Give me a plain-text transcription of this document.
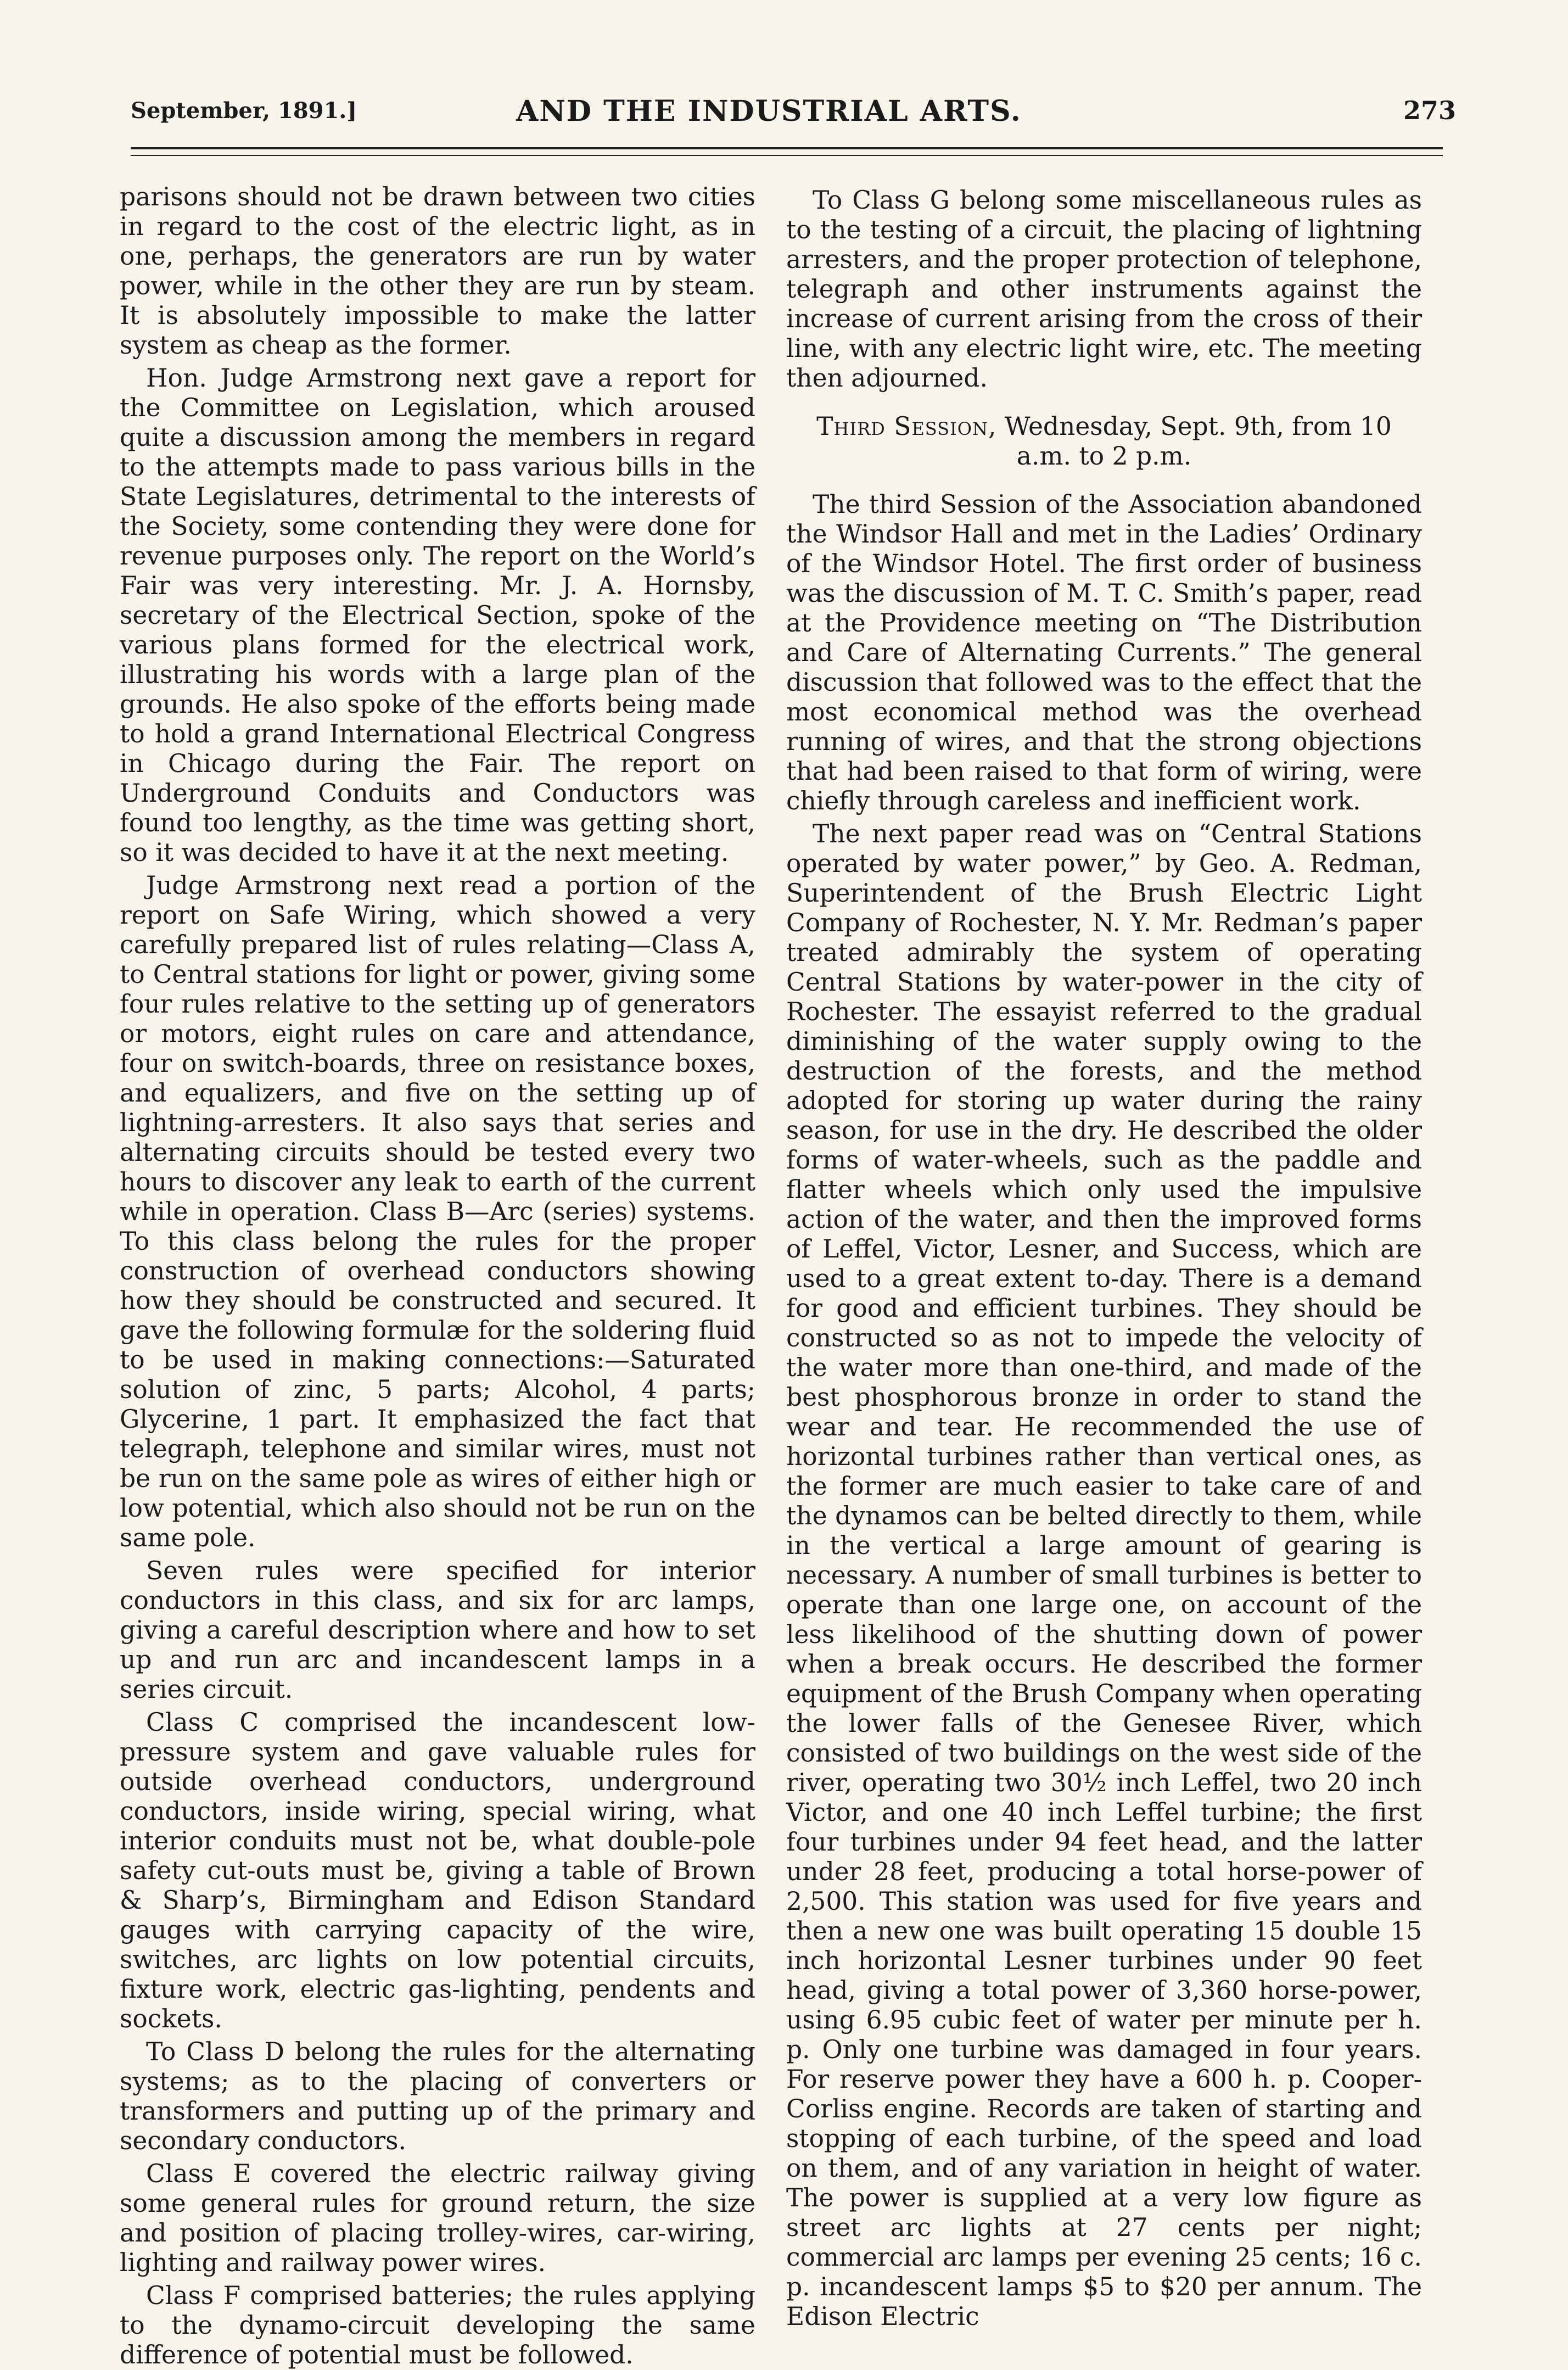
September, 1891.]	AND THE INDUSTRIAL ARTS.	273

parisons should not be drawn between two cities in regard to the cost of the electric light, as in one, perhaps, the generators are run by water power, while in the other they are run by steam. It is absolutely impossible to make the latter system as cheap as the former.

Hon. Judge Armstrong next gave a report for the Committee on Legislation, which aroused quite a discussion among the members in regard to the attempts made to pass various bills in the State Legislatures, detrimental to the interests of the Society, some contending they were done for revenue purposes only. The report on the World’s Fair was very interesting. Mr. J. A. Hornsby, secretary of the Electrical Section, spoke of the various plans formed for the electrical work, illustrating his words with a large plan of the grounds. He also spoke of the efforts being made to hold a grand International Electrical Congress in Chicago during the Fair. The report on Underground Conduits and Conductors was found too lengthy, as the time was getting short, so it was decided to have it at the next meeting.

Judge Armstrong next read a portion of the report on Safe Wiring, which showed a very carefully prepared list of rules relating—Class A, to Central stations for light or power, giving some four rules relative to the setting up of generators or motors, eight rules on care and attendance, four on switch-boards, three on resistance boxes, and equalizers, and five on the setting up of lightning-arresters. It also says that series and alternating circuits should be tested every two hours to discover any leak to earth of the current while in operation. Class B—Arc (series) systems. To this class belong the rules for the proper construction of overhead conductors showing how they should be constructed and secured. It gave the following formulæ for the soldering fluid to be used in making connections:—Saturated solution of zinc, 5 parts; Alcohol, 4 parts; Glycerine, 1 part. It emphasized the fact that telegraph, telephone and similar wires, must not be run on the same pole as wires of either high or low potential, which also should not be run on the same pole.

Seven rules were specified for interior conductors in this class, and six for arc lamps, giving a careful description where and how to set up and run arc and incandescent lamps in a series circuit.

Class C comprised the incandescent low-pressure system and gave valuable rules for outside overhead conductors, underground conductors, inside wiring, special wiring, what interior conduits must not be, what double-pole safety cut-outs must be, giving a table of Brown & Sharp’s, Birmingham and Edison Standard gauges with carrying capacity of the wire, switches, arc lights on low potential circuits, fixture work, electric gas-lighting, pendents and sockets.

To Class D belong the rules for the alternating systems; as to the placing of converters or transformers and putting up of the primary and secondary conductors.

Class E covered the electric railway giving some general rules for ground return, the size and position of placing trolley-wires, car-wiring, lighting and railway power wires.

Class F comprised batteries; the rules applying to the dynamo-circuit developing the same difference of potential must be followed.

To Class G belong some miscellaneous rules as to the testing of a circuit, the placing of lightning arresters, and the proper protection of telephone, telegraph and other instruments against the increase of current arising from the cross of their line, with any electric light wire, etc. The meeting then adjourned.

Third Session, Wednesday, Sept. 9th, from 10 a.m. to 2 p.m.

The third Session of the Association abandoned the Windsor Hall and met in the Ladies’ Ordinary of the Windsor Hotel. The first order of business was the discussion of M. T. C. Smith’s paper, read at the Providence meeting on “The Distribution and Care of Alternating Currents.” The general discussion that followed was to the effect that the most economical method was the overhead running of wires, and that the strong objections that had been raised to that form of wiring, were chiefly through careless and inefficient work.

The next paper read was on “Central Stations operated by water power,” by Geo. A. Redman, Superintendent of the Brush Electric Light Company of Rochester, N. Y. Mr. Redman’s paper treated admirably the system of operating Central Stations by water-power in the city of Rochester. The essayist referred to the gradual diminishing of the water supply owing to the destruction of the forests, and the method adopted for storing up water during the rainy season, for use in the dry. He described the older forms of water-wheels, such as the paddle and flatter wheels which only used the impulsive action of the water, and then the improved forms of Leffel, Victor, Lesner, and Success, which are used to a great extent to-day. There is a demand for good and efficient turbines. They should be constructed so as not to impede the velocity of the water more than one-third, and made of the best phosphorous bronze in order to stand the wear and tear. He recommended the use of horizontal turbines rather than vertical ones, as the former are much easier to take care of and the dynamos can be belted directly to them, while in the vertical a large amount of gearing is necessary. A number of small turbines is better to operate than one large one, on account of the less likelihood of the shutting down of power when a break occurs. He described the former equipment of the Brush Company when operating the lower falls of the Genesee River, which consisted of two buildings on the west side of the river, operating two 30½ inch Leffel, two 20 inch Victor, and one 40 inch Leffel turbine; the first four turbines under 94 feet head, and the latter under 28 feet, producing a total horse-power of 2,500. This station was used for five years and then a new one was built operating 15 double 15 inch horizontal Lesner turbines under 90 feet head, giving a total power of 3,360 horse-power, using 6.95 cubic feet of water per minute per h. p. Only one turbine was damaged in four years. For reserve power they have a 600 h. p. Cooper-Corliss engine. Records are taken of starting and stopping of each turbine, of the speed and load on them, and of any variation in height of water. The power is supplied at a very low figure as street arc lights at 27 cents per night; commercial arc lamps per evening 25 cents; 16 c. p. incandescent lamps $5 to $20 per annum. The Edison Electric
